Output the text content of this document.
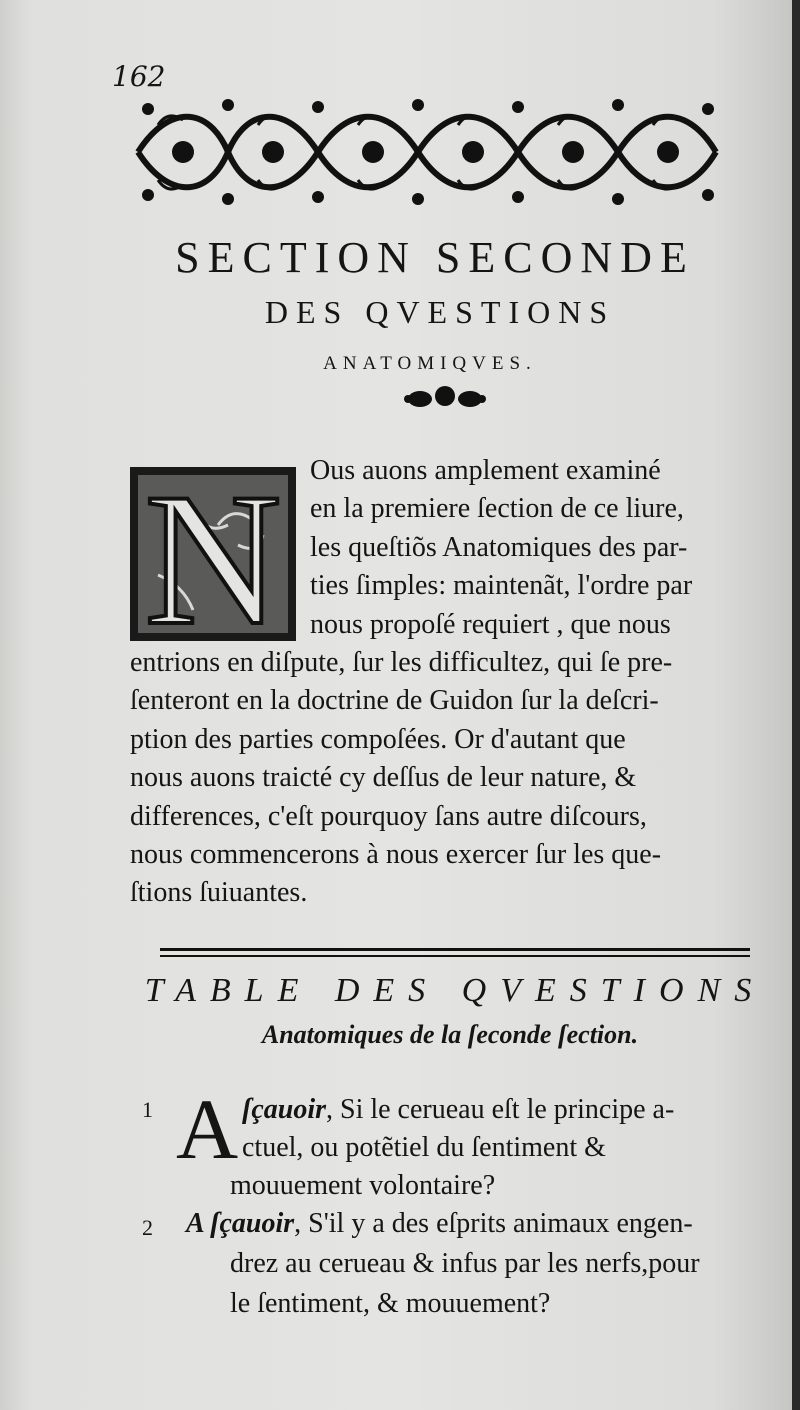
162
SECTION SECONDE
DES QVESTIONS
ANATOMIQVES.
N	Ous auons amplement examiné
en la premiere ſection de ce liure,
les queſtiõs Anatomiques des par-
ties ſimples: maintenãt, l'ordre par
nous propoſé requiert , que nous
entrions en diſpute, ſur les difficultez, qui ſe pre-
ſenteront en la doctrine de Guidon ſur la deſcri-
ption des parties compoſées. Or d'autant que
nous auons traicté cy deſſus de leur nature, &
differences, c'eſt pourquoy ſans autre diſcours,
nous commencerons à nous exercer ſur les que-
ſtions ſuiuantes.
TABLE DES QVESTIONS
Anatomiques de la ſeconde ſection.
1 A ſçauoir, Si le cerueau eſt le principe a-
ctuel, ou potẽtiel du ſentiment &
mouuement volontaire?
2 A ſçauoir, S'il y a des eſprits animaux engen-
drez au cerueau & infus par les nerfs,pour
le ſentiment, & mouuement?
